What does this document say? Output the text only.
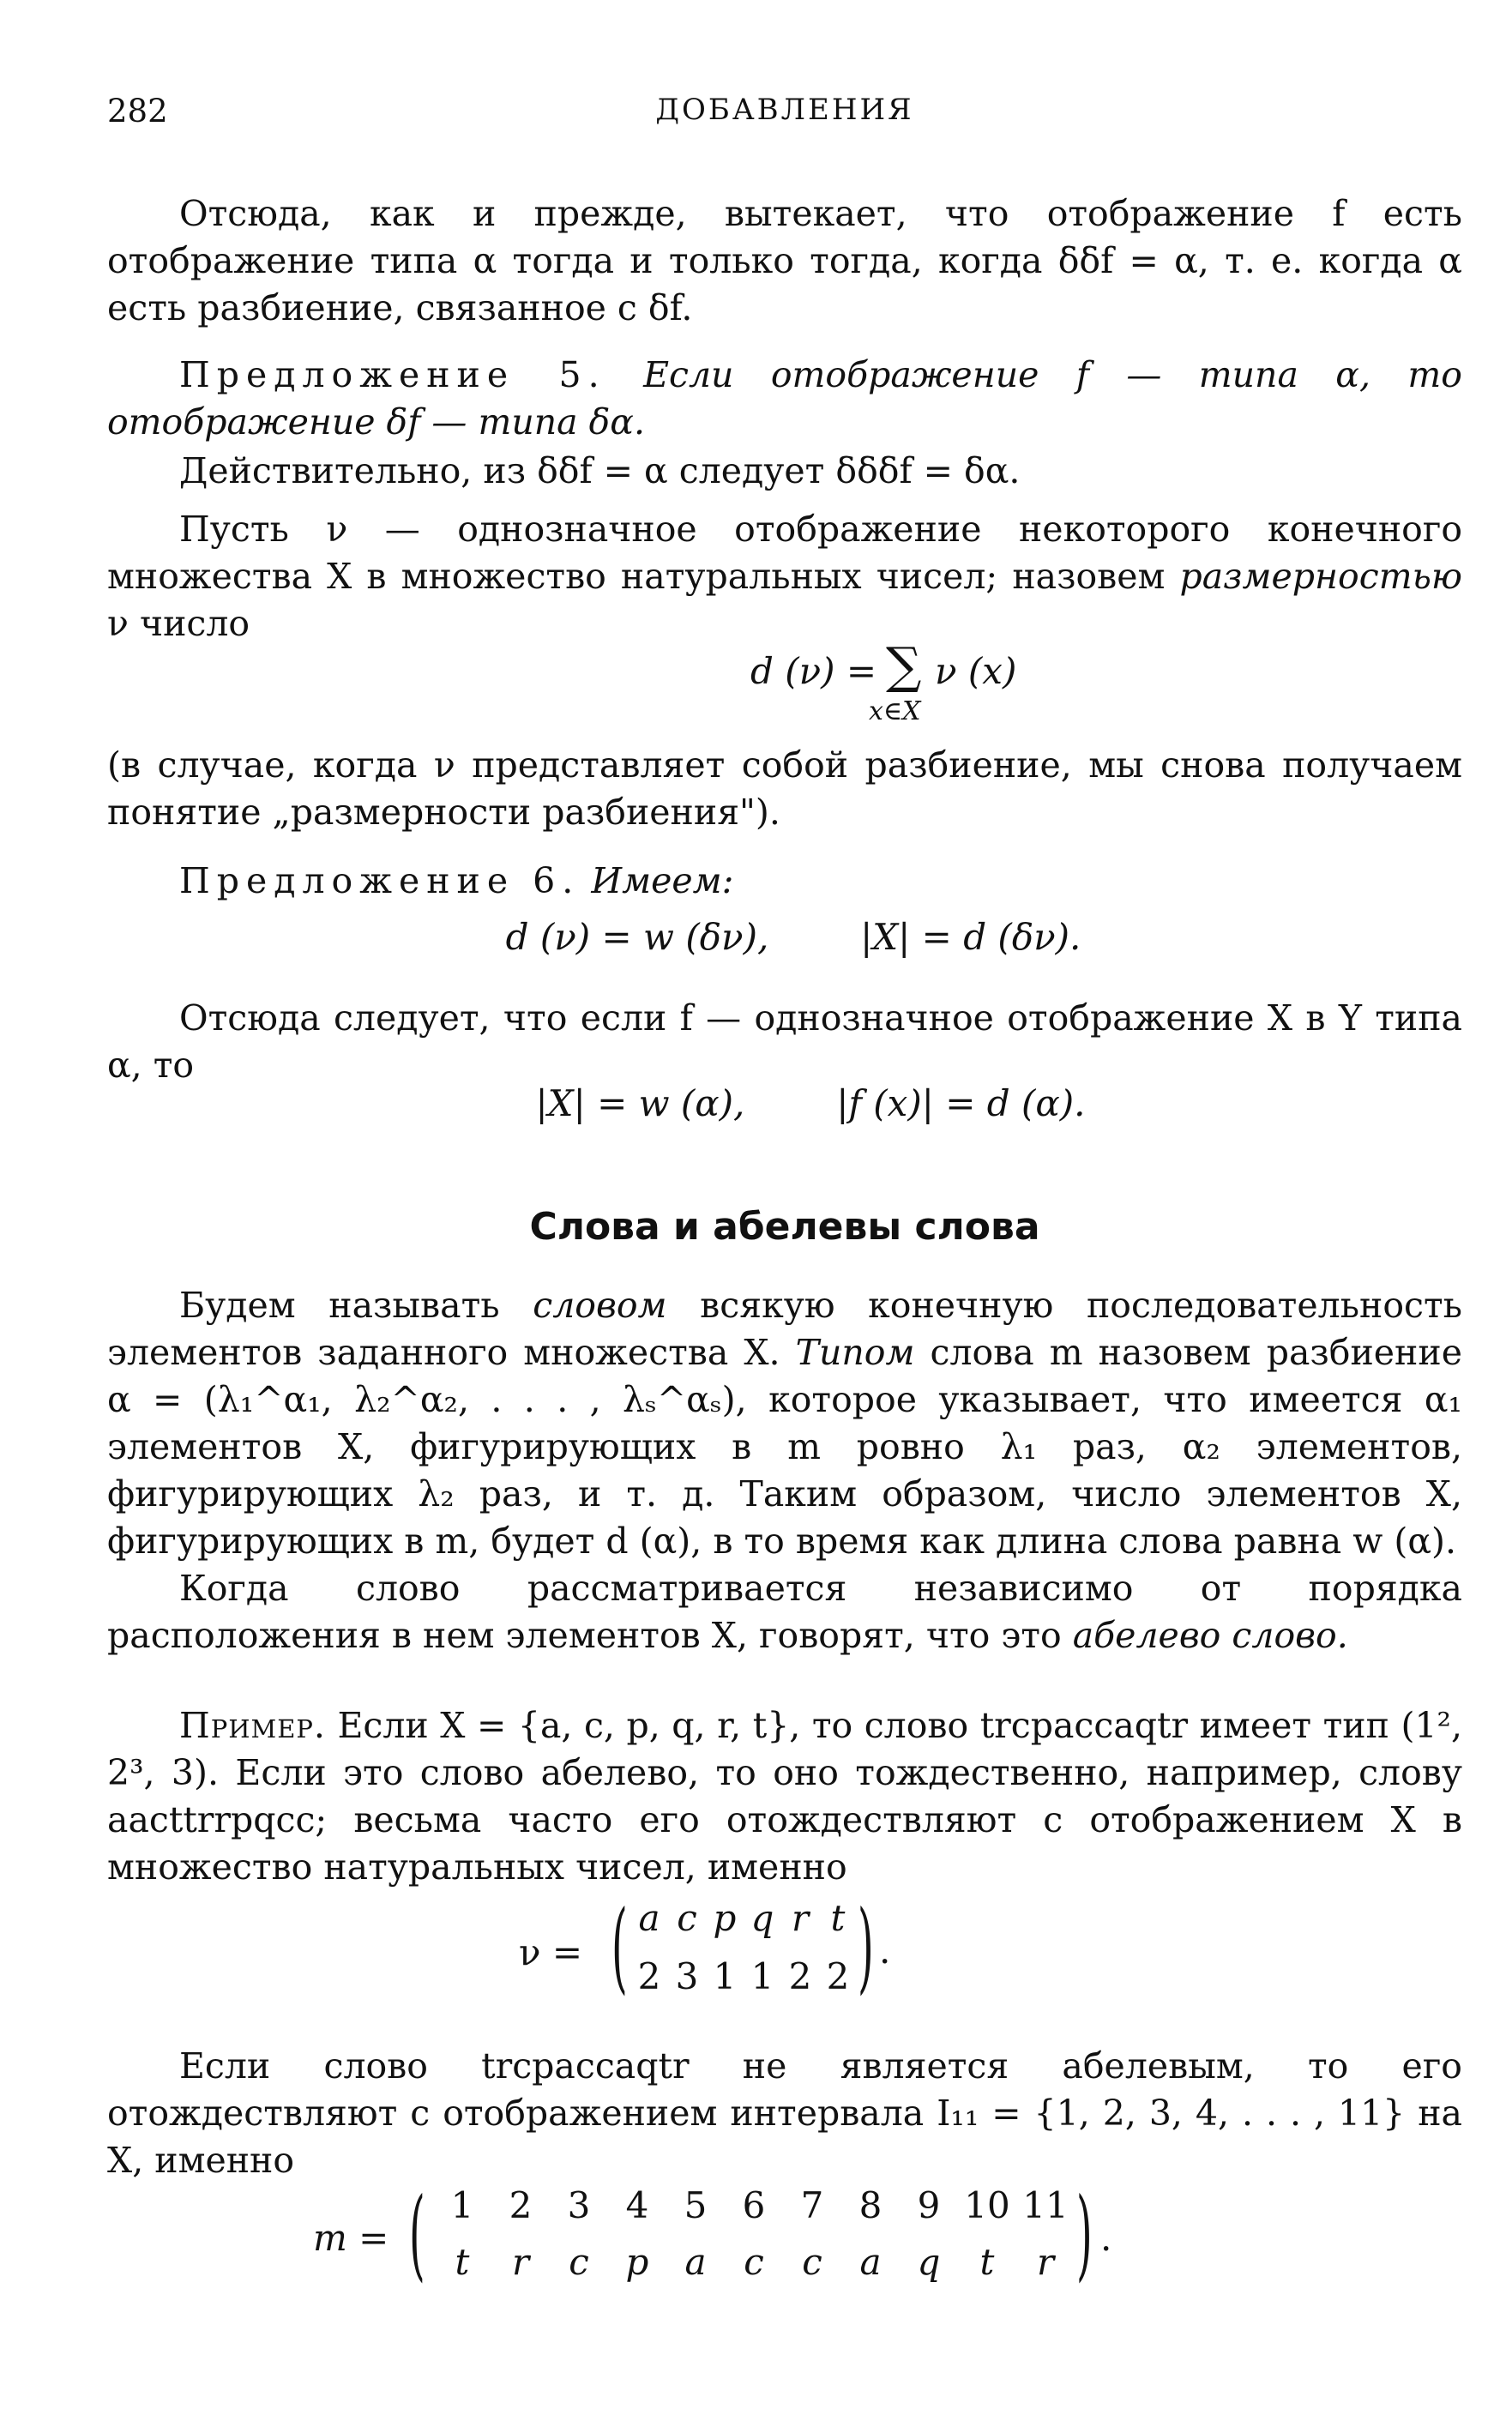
282	ДОБАВЛЕНИЯ
Отсюда, как и прежде, вытекает, что отображение f есть отображение типа α тогда и только тогда, когда δδf = α, т. е. когда α есть разбиение, связанное с δf.
Предложение 5. Если отображение f — типа α, то отображение δf — типа δα.
Действительно, из δδf = α следует δδδf = δα.
Пусть ν — однозначное отображение некоторого конечного множества X в множество натуральных чисел; назовем размерностью ν число
d (ν) = ∑
x∈X
ν (x)
(в случае, когда ν представляет собой разбиение, мы снова получаем понятие „размерности разбиения").
Предложение 6. Имеем:
d (ν) = w (δν),        |X| = d (δν).
Отсюда следует, что если f — однозначное отображение X в Y типа α, то
|X| = w (α),        |f (x)| = d (α).
Слова и абелевы слова
Будем называть словом всякую конечную последовательность элементов заданного множества X. Типом слова m назовем разбиение α = (λ₁^α₁, λ₂^α₂, . . . , λₛ^αₛ), которое указывает, что имеется α₁ элементов X, фигурирующих в m ровно λ₁ раз, α₂ элементов, фигурирующих λ₂ раз, и т. д. Таким образом, число элементов X, фигурирующих в m, будет d (α), в то время как длина слова равна w (α).
Когда слово рассматривается независимо от порядка расположения в нем элементов X, говорят, что это абелево слово.
Пример. Если X = {a, c, p, q, r, t}, то слово trcpaccaqtr имеет тип (1², 2³, 3). Если это слово абелево, то оно тождественно, например, слову aacttrrpqcc; весьма часто его отождествляют с отображением X в множество натуральных чисел, именно
ν = ( a c p q r t
2 3 1 1 2 2 ) .
Если слово trcpaccaqtr не является абелевым, то его отождествляют с отображением интервала I₁₁ = {1, 2, 3, 4, . . . , 11} на X, именно
m = ( 1 2 3 4 5 6 7 8 9 10 11
t	r	c	p	a	c	c	a	q	t	r ) .
